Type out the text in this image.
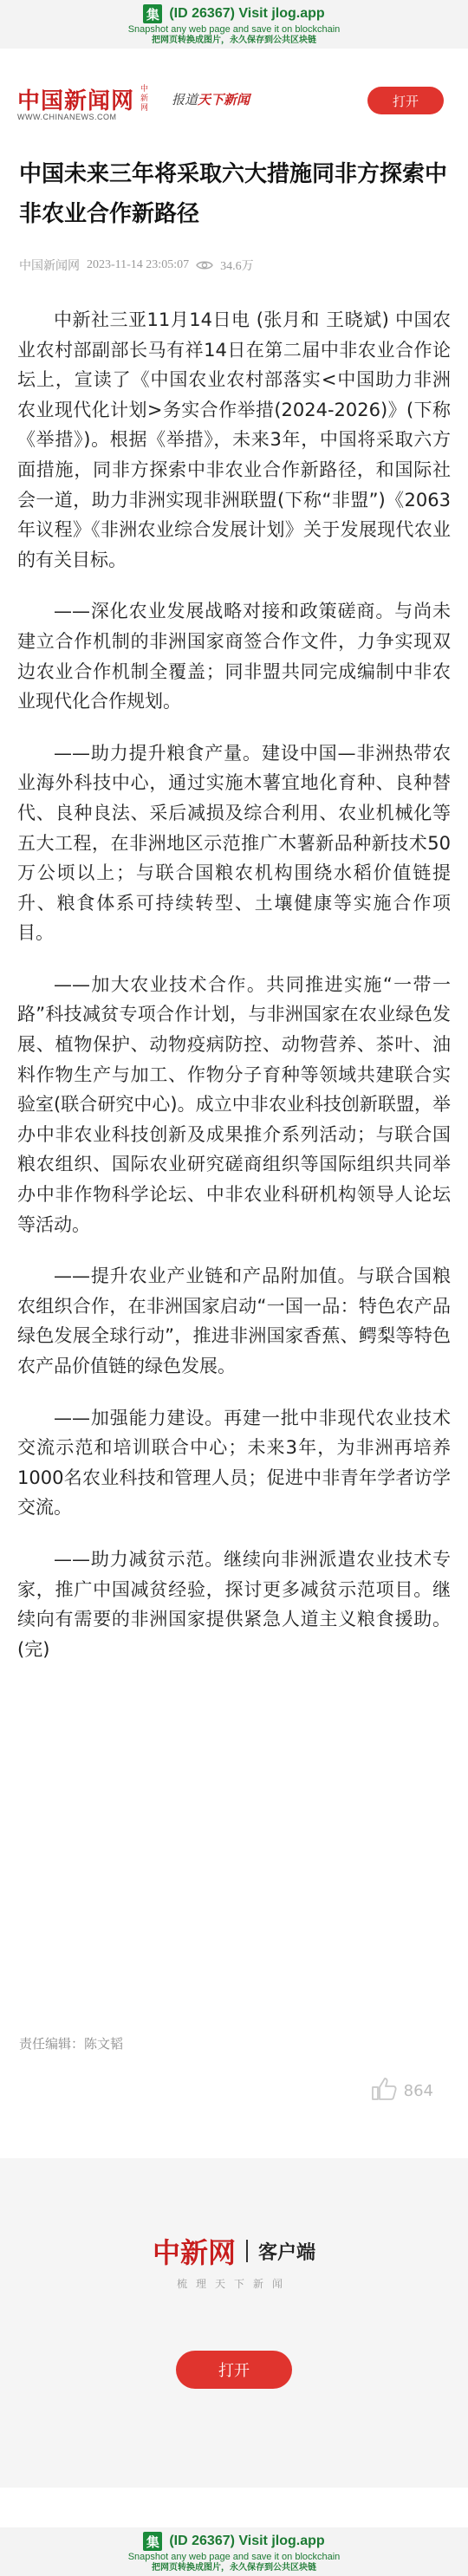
集 (ID 26367) Visit jlog.app
Snapshot any web page and save it on blockchain
把网页转换成图片，永久保存到公共区块链
中国新闻网 中新网
WWW.CHINANEWS.COM
报道天下新闻	打开
中国未来三年将采取六大措施同非方探索中非农业合作新路径
中国新闻网 2023-11-14 23:05:07	34.6万

中新社三亚11月14日电 (张月和 王晓斌) 中国农业农村部副部长马有祥14日在第二届中非农业合作论坛上，宣读了《中国农业农村部落实<中国助力非洲农业现代化计划>务实合作举措(2024-2026)》(下称《举措》)。根据《举措》，未来3年，中国将采取六方面措施，同非方探索中非农业合作新路径，和国际社会一道，助力非洲实现非洲联盟(下称“非盟”)《2063年议程》《非洲农业综合发展计划》关于发展现代农业的有关目标。

——深化农业发展战略对接和政策磋商。与尚未建立合作机制的非洲国家商签合作文件，力争实现双边农业合作机制全覆盖；同非盟共同完成编制中非农业现代化合作规划。

——助力提升粮食产量。建设中国—非洲热带农业海外科技中心，通过实施木薯宜地化育种、良种替代、良种良法、采后减损及综合利用、农业机械化等五大工程，在非洲地区示范推广木薯新品种新技术50万公顷以上；与联合国粮农机构围绕水稻价值链提升、粮食体系可持续转型、土壤健康等实施合作项目。

——加大农业技术合作。共同推进实施“一带一路”科技减贫专项合作计划，与非洲国家在农业绿色发展、植物保护、动物疫病防控、动物营养、茶叶、油料作物生产与加工、作物分子育种等领域共建联合实验室(联合研究中心)。成立中非农业科技创新联盟，举办中非农业科技创新及成果推介系列活动；与联合国粮农组织、国际农业研究磋商组织等国际组织共同举办中非作物科学论坛、中非农业科研机构领导人论坛等活动。

——提升农业产业链和产品附加值。与联合国粮农组织合作，在非洲国家启动“一国一品：特色农产品绿色发展全球行动”，推进非洲国家香蕉、鳄梨等特色农产品价值链的绿色发展。

——加强能力建设。再建一批中非现代农业技术交流示范和培训联合中心；未来3年，为非洲再培养1000名农业科技和管理人员；促进中非青年学者访学交流。

——助力减贫示范。继续向非洲派遣农业技术专家，推广中国减贫经验，探讨更多减贫示范项目。继续向有需要的非洲国家提供紧急人道主义粮食援助。(完)

责任编辑：陈文韬
864
中新网 客户端
梳理天下新闻
打开
集 (ID 26367) Visit jlog.app
Snapshot any web page and save it on blockchain
把网页转换成图片，永久保存到公共区块链
